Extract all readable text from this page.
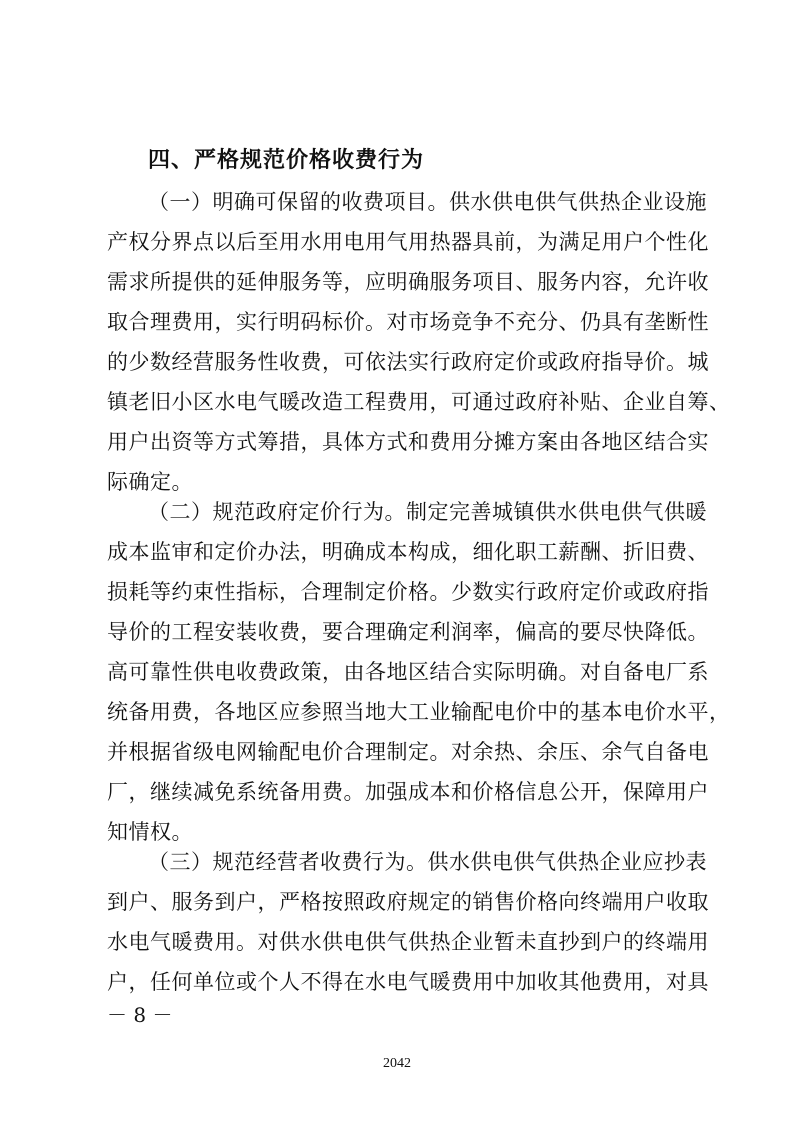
四、严格规范价格收费行为
（一）明确可保留的收费项目。供水供电供气供热企业设施
产权分界点以后至用水用电用气用热器具前，为满足用户个性化
需求所提供的延伸服务等，应明确服务项目、服务内容，允许收
取合理费用，实行明码标价。对市场竞争不充分、仍具有垄断性
的少数经营服务性收费，可依法实行政府定价或政府指导价。城
镇老旧小区水电气暖改造工程费用，可通过政府补贴、企业自筹、
用户出资等方式筹措，具体方式和费用分摊方案由各地区结合实
际确定。
（二）规范政府定价行为。制定完善城镇供水供电供气供暖
成本监审和定价办法，明确成本构成，细化职工薪酬、折旧费、
损耗等约束性指标，合理制定价格。少数实行政府定价或政府指
导价的工程安装收费，要合理确定利润率，偏高的要尽快降低。
高可靠性供电收费政策，由各地区结合实际明确。对自备电厂系
统备用费，各地区应参照当地大工业输配电价中的基本电价水平，
并根据省级电网输配电价合理制定。对余热、余压、余气自备电
厂，继续减免系统备用费。加强成本和价格信息公开，保障用户
知情权。
（三）规范经营者收费行为。供水供电供气供热企业应抄表
到户、服务到户，严格按照政府规定的销售价格向终端用户收取
水电气暖费用。对供水供电供气供热企业暂未直抄到户的终端用
户，任何单位或个人不得在水电气暖费用中加收其他费用，对具
－ 8 －
2042
